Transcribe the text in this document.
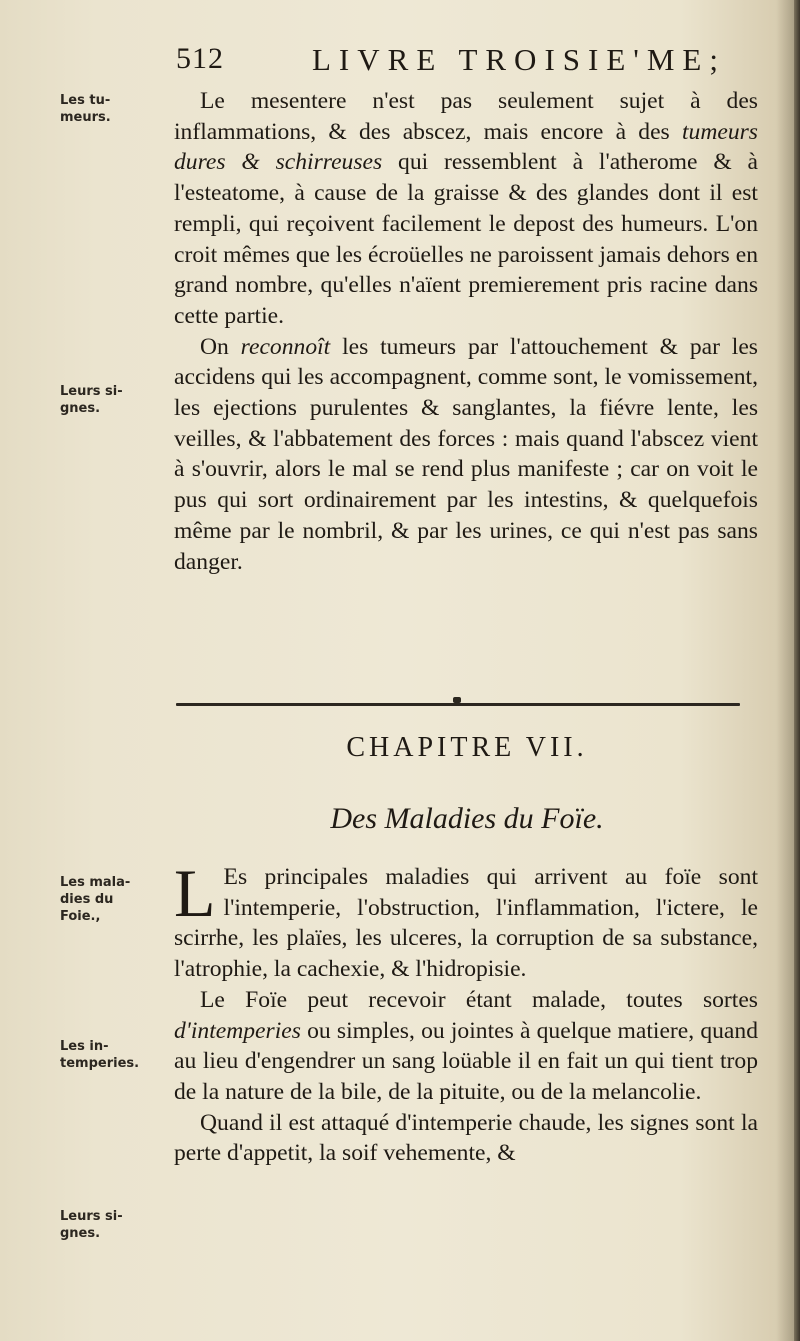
512	LIVRE TROISIE'ME;
Les tu-meurs.
Leurs si-gnes.
Les mala-dies du Foie.,
Les in-temperies.
Leurs si-gnes.

Le mesentere n'est pas seulement sujet à des inflammations, & des abscez, mais encore à des tumeurs dures & schirreuses qui ressemblent à l'atherome & à l'esteatome, à cause de la graisse & des glandes dont il est rempli, qui reçoivent facilement le depost des humeurs. L'on croit mêmes que les écroüelles ne paroissent jamais dehors en grand nombre, qu'elles n'aïent premierement pris racine dans cette partie.

On reconnoît les tumeurs par l'attouchement & par les accidens qui les accompagnent, comme sont, le vomissement, les ejections purulentes & sanglantes, la fiévre lente, les veilles, & l'abbatement des forces : mais quand l'abscez vient à s'ouvrir, alors le mal se rend plus manifeste ; car on voit le pus qui sort ordinairement par les intestins, & quelquefois même par le nombril, & par les urines, ce qui n'est pas sans danger.

CHAPITRE VII.
Des Maladies du Foïe.

L Es principales maladies qui arrivent au foïe sont l'intemperie, l'obstruction, l'inflammation, l'ictere, le scirrhe, les plaïes, les ulceres, la corruption de sa substance, l'atrophie, la cachexie, & l'hidropisie.

Le Foïe peut recevoir étant malade, toutes sortes d'intemperies ou simples, ou jointes à quelque matiere, quand au lieu d'engendrer un sang loüable il en fait un qui tient trop de la nature de la bile, de la pituite, ou de la melancolie.

Quand il est attaqué d'intemperie chaude, les signes sont la perte d'appetit, la soif vehemente, &
